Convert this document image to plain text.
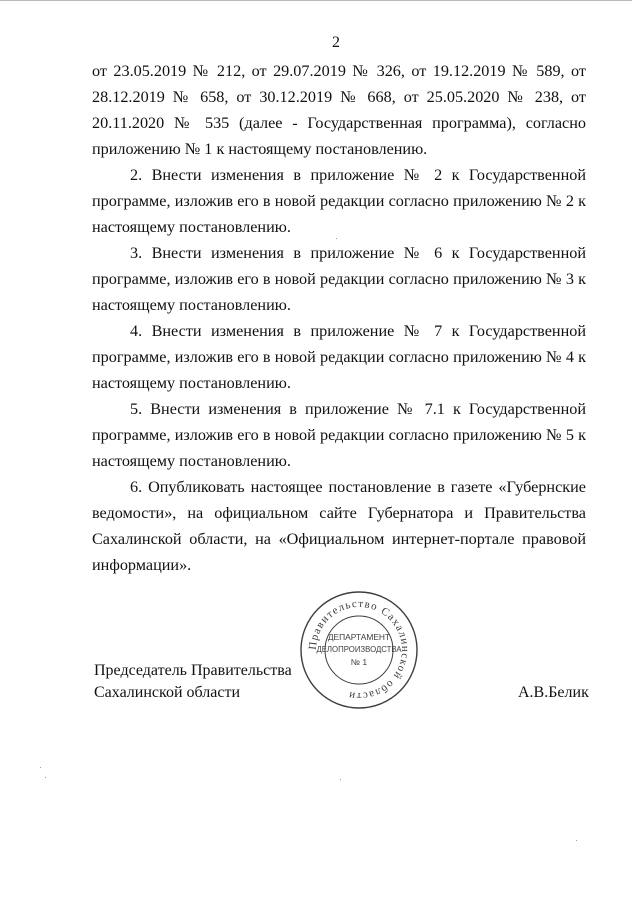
2

от 23.05.2019 № 212, от 29.07.2019 № 326, от 19.12.2019 № 589, от 28.12.2019 № 658, от 30.12.2019 № 668, от 25.05.2020 № 238, от 20.11.2020 № 535 (далее - Государственная программа), согласно приложению № 1 к настоящему постановлению.

2. Внести изменения в приложение № 2 к Государственной программе, изложив его в новой редакции согласно приложению № 2 к настоящему постановлению.

3. Внести изменения в приложение № 6 к Государственной программе, изложив его в новой редакции согласно приложению № 3 к настоящему постановлению.

4. Внести изменения в приложение № 7 к Государственной программе, изложив его в новой редакции согласно приложению № 4 к настоящему постановлению.

5. Внести изменения в приложение № 7.1 к Государственной программе, изложив его в новой редакции согласно приложению № 5 к настоящему постановлению.

6. Опубликовать настоящее постановление в газете «Губернские ведомости», на официальном сайте Губернатора и Правительства Сахалинской области, на «Официальном интернет-портале правовой информации».

Правительство Сахалинской области
ДЕПАРТАМЕНТ
ДЕЛОПРОИЗВОДСТВА
№ 1
Председатель Правительства
Сахалинской области	А.В.Белик
